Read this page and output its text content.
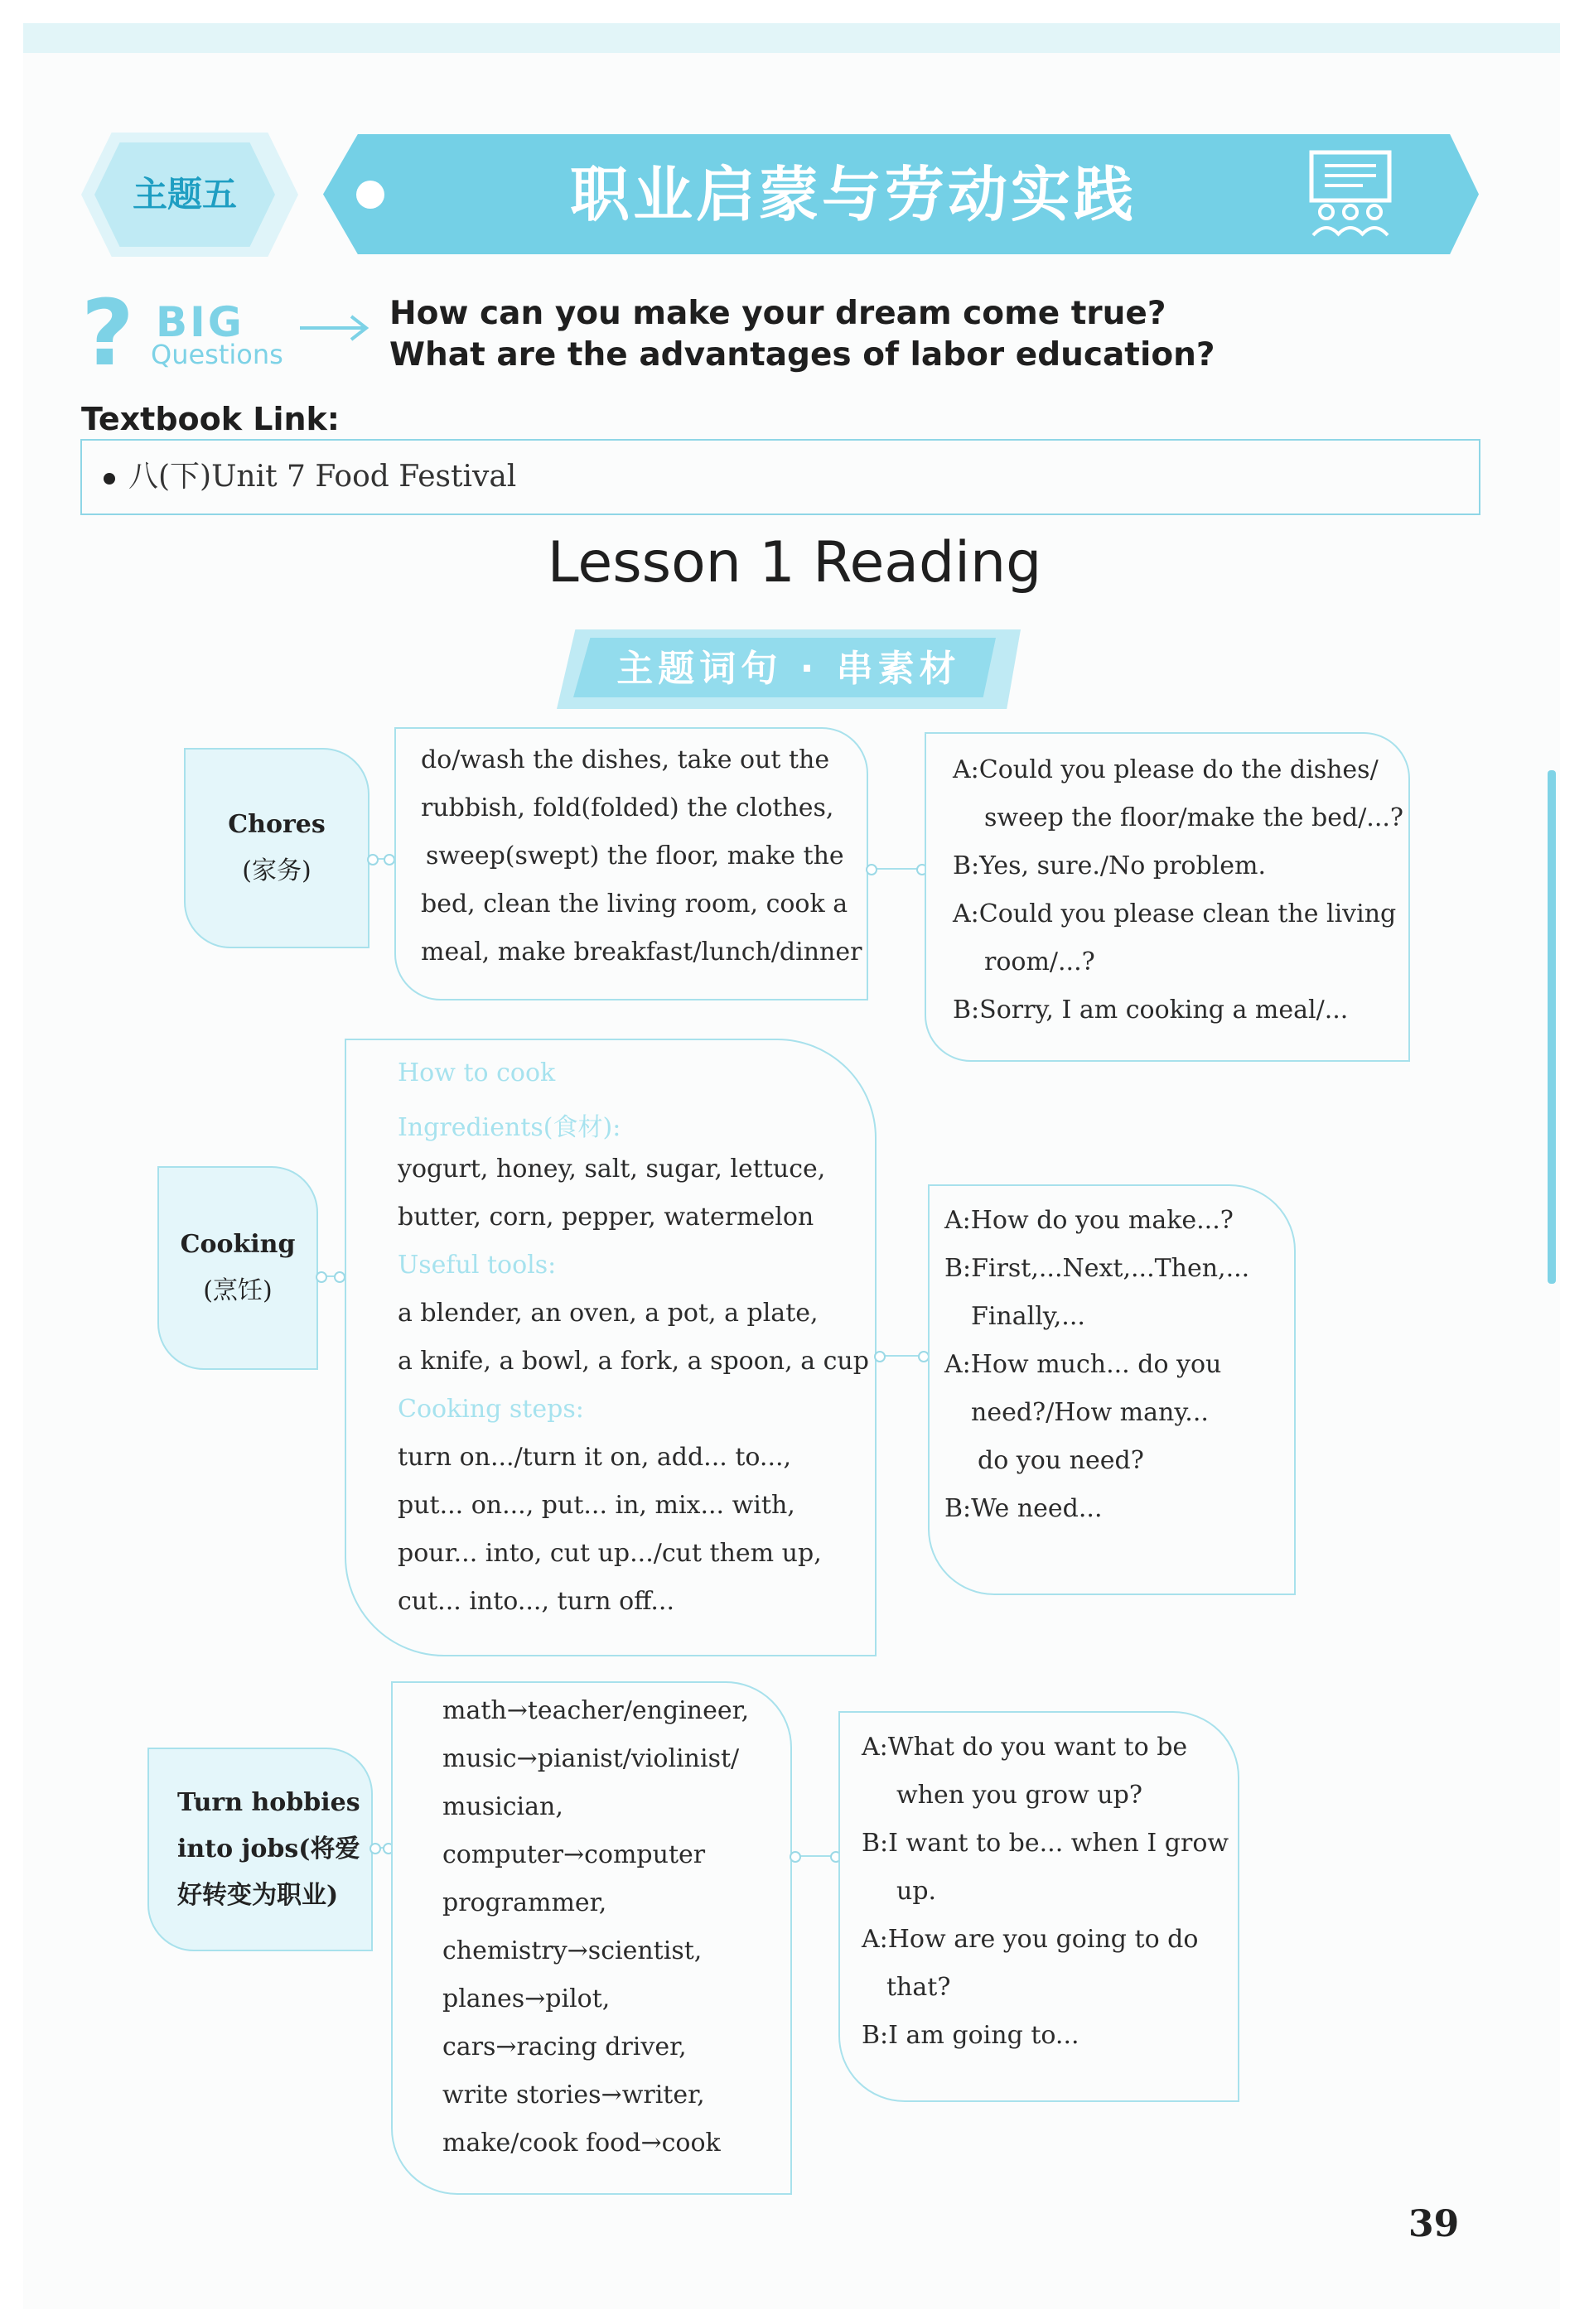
主题五	职业启蒙与劳动实践
? BIG
Questions
How can you make your dream come true?
What are the advantages of labor education?
Textbook Link:
八(下)Unit 7 Food Festival
Lesson 1 Reading
主题词句 · 串素材
Chores
(家务)
do/wash the dishes, take out the
rubbish, fold(folded) the clothes,
sweep(swept) the floor, make the
bed, clean the living room, cook a
meal, make breakfast/lunch/dinner
A:Could you please do the dishes/
sweep the floor/make the bed/...?
B:Yes, sure./No problem.
A:Could you please clean the living
room/...?
B:Sorry, I am cooking a meal/...
Cooking
(烹饪)
How to cook
Ingredients(食材):
yogurt, honey, salt, sugar, lettuce,
butter, corn, pepper, watermelon
Useful tools:
a blender, an oven, a pot, a plate,
a knife, a bowl, a fork, a spoon, a cup
Cooking steps:
turn on.../turn it on, add... to...,
put... on..., put... in, mix... with,
pour... into, cut up.../cut them up,
cut... into..., turn off...
A:How do you make...?
B:First,...Next,...Then,...
Finally,...
A:How much... do you
need?/How many...
do you need?
B:We need...
Turn hobbies
into jobs(将爱
好转变为职业)
math→teacher/engineer,
music→pianist/violinist/
musician,
computer→computer
programmer,
chemistry→scientist,
planes→pilot,
cars→racing driver,
write stories→writer,
make/cook food→cook
A:What do you want to be
when you grow up?
B:I want to be... when I grow
up.
A:How are you going to do
that?
B:I am going to...
39
